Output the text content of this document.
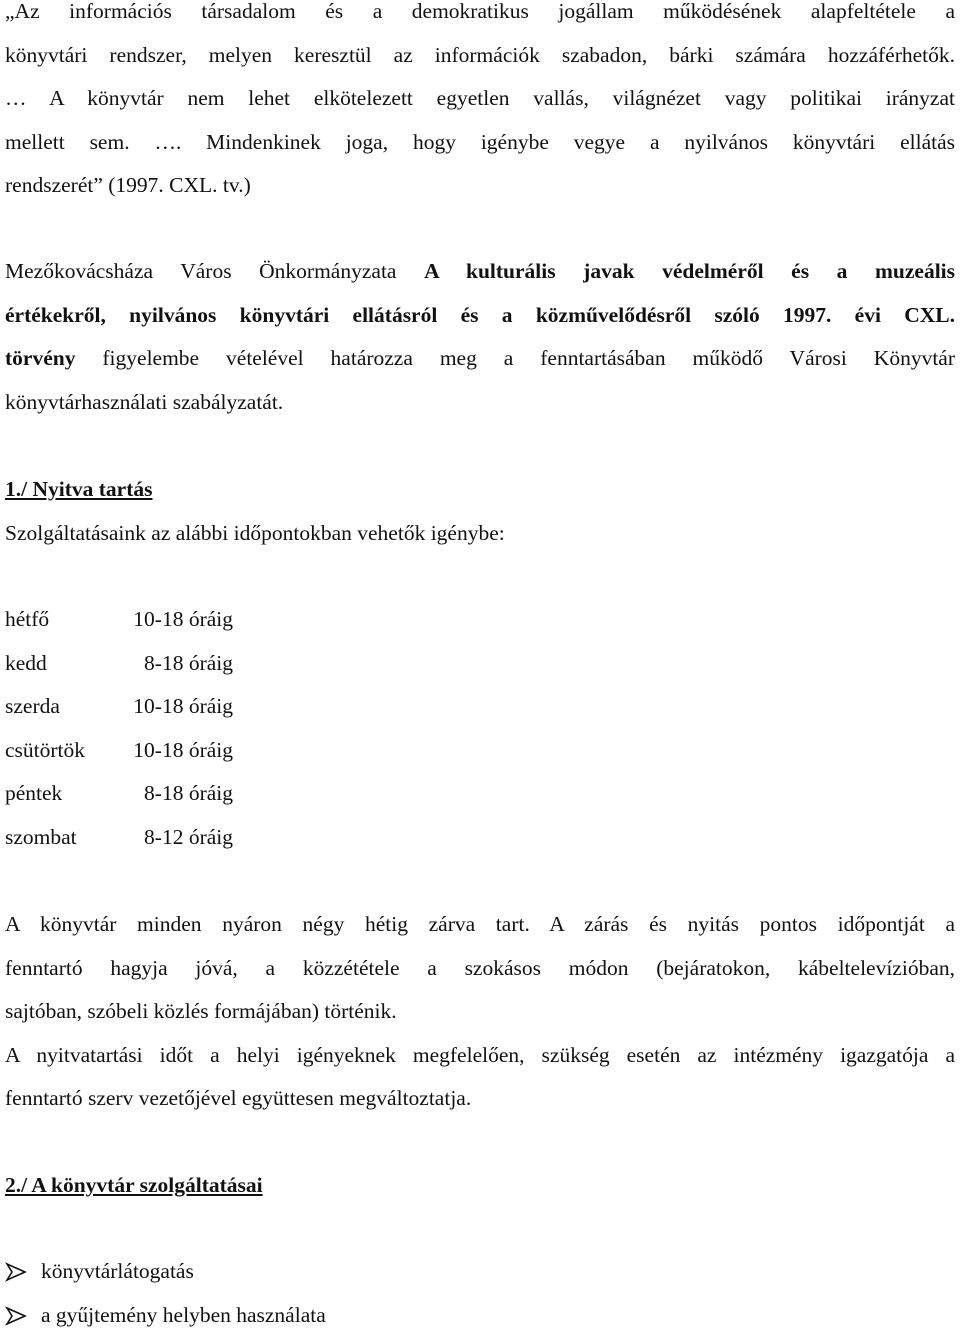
„Az információs társadalom és a demokratikus jogállam működésének alapfeltétele a
könyvtári rendszer, melyen keresztül az információk szabadon, bárki számára hozzáférhetők.
… A könyvtár nem lehet elkötelezett egyetlen vallás, világnézet vagy politikai irányzat
mellett sem. …. Mindenkinek joga, hogy igénybe vegye a nyilvános könyvtári ellátás
rendszerét” (1997. CXL. tv.)

Mezőkovácsháza Város Önkormányzata A kulturális javak védelméről és a muzeális
értékekről, nyilvános könyvtári ellátásról és a közművelődésről szóló 1997. évi CXL.
törvény figyelembe vételével határozza meg a fenntartásában működő Városi Könyvtár
könyvtárhasználati szabályzatát.

1./ Nyitva tartás

Szolgáltatásaink az alábbi időpontokban vehetők igénybe:

hétfő	10-18 óráig
kedd	8-18 óráig
szerda	10-18 óráig
csütörtök	10-18 óráig
péntek	8-18 óráig
szombat	8-12 óráig

A könyvtár minden nyáron négy hétig zárva tart. A zárás és nyitás pontos időpontját a
fenntartó hagyja jóvá, a közzététele a szokásos módon (bejáratokon, kábeltelevízióban,
sajtóban, szóbeli közlés formájában) történik.
A nyitvatartási időt a helyi igényeknek megfelelően, szükség esetén az intézmény igazgatója a
fenntartó szerv vezetőjével együttesen megváltoztatja.

2./ A könyvtár szolgáltatásai

könyvtárlátogatás
a gyűjtemény helyben használata
